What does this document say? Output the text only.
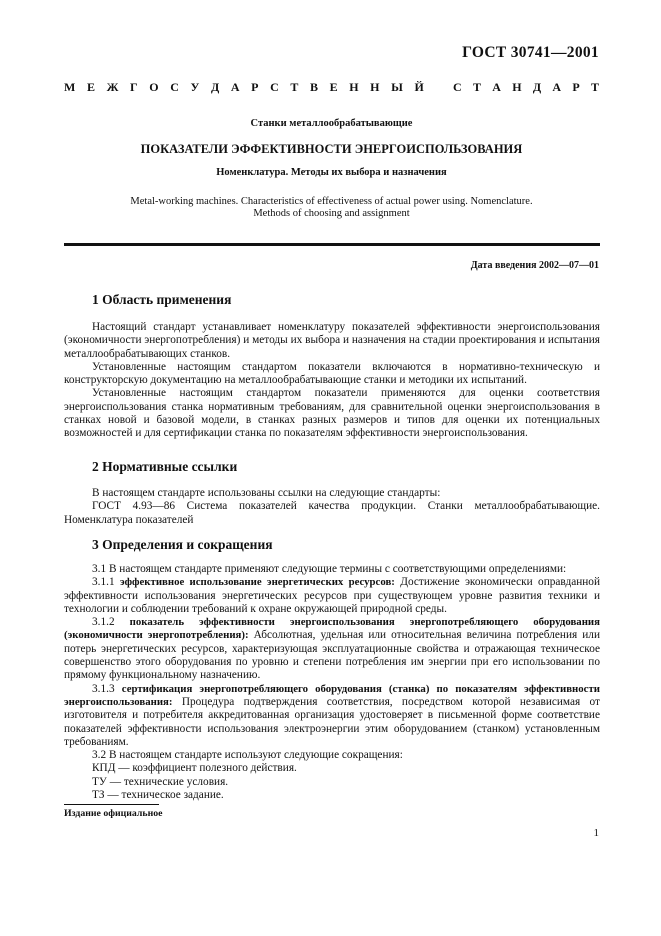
ГОСТ 30741—2001
М Е Ж Г О С У Д А Р С Т В Е Н Н Ы Й С Т А Н Д А Р Т
Станки металлообрабатывающие
ПОКАЗАТЕЛИ ЭФФЕКТИВНОСТИ ЭНЕРГОИСПОЛЬЗОВАНИЯ
Номенклатура. Методы их выбора и назначения
Metal-working machines. Characteristics of effectiveness of actual power using. Nomenclature. Methods of choosing and assignment
Дата введения 2002—07—01
1 Область применения

Настоящий стандарт устанавливает номенклатуру показателей эффективности энергоиспользования (экономичности энергопотребления) и методы их выбора и назначения на стадии проектирования и испытания металлообрабатывающих станков.

Установленные настоящим стандартом показатели включаются в нормативно-техническую и конструкторскую документацию на металлообрабатывающие станки и методики их испытаний.

Установленные настоящим стандартом показатели применяются для оценки соответствия энергоиспользования станка нормативным требованиям, для сравнительной оценки энергоиспользования в станках новой и базовой модели, в станках разных размеров и типов для оценки их потенциальных возможностей и для сертификации станка по показателям эффективности энергоиспользования.

2 Нормативные ссылки

В настоящем стандарте использованы ссылки на следующие стандарты:

ГОСТ 4.93—86 Система показателей качества продукции. Станки металлообрабатывающие. Номенклатура показателей

3 Определения и сокращения

3.1 В настоящем стандарте применяют следующие термины с соответствующими определениями:

3.1.1 эффективное использование энергетических ресурсов: Достижение экономически оправданной эффективности использования энергетических ресурсов при существующем уровне развития техники и технологии и соблюдении требований к охране окружающей природной среды.

3.1.2 показатель эффективности энергоиспользования энергопотребляющего оборудования (экономичности энергопотребления): Абсолютная, удельная или относительная величина потребления или потерь энергетических ресурсов, характеризующая эксплуатационные свойства и отражающая техническое совершенство этого оборудования по уровню и степени потребления им энергии при его использовании по прямому функциональному назначению.

3.1.3 сертификация энергопотребляющего оборудования (станка) по показателям эффективности энергоиспользования: Процедура подтверждения соответствия, посредством которой независимая от изготовителя и потребителя аккредитованная организация удостоверяет в письменной форме соответствие показателей эффективности использования электроэнергии этим оборудованием (станком) установленным требованиям.

3.2 В настоящем стандарте используют следующие сокращения:

КПД — коэффициент полезного действия.

ТУ — технические условия.

ТЗ — техническое задание.

Издание официальное
1
